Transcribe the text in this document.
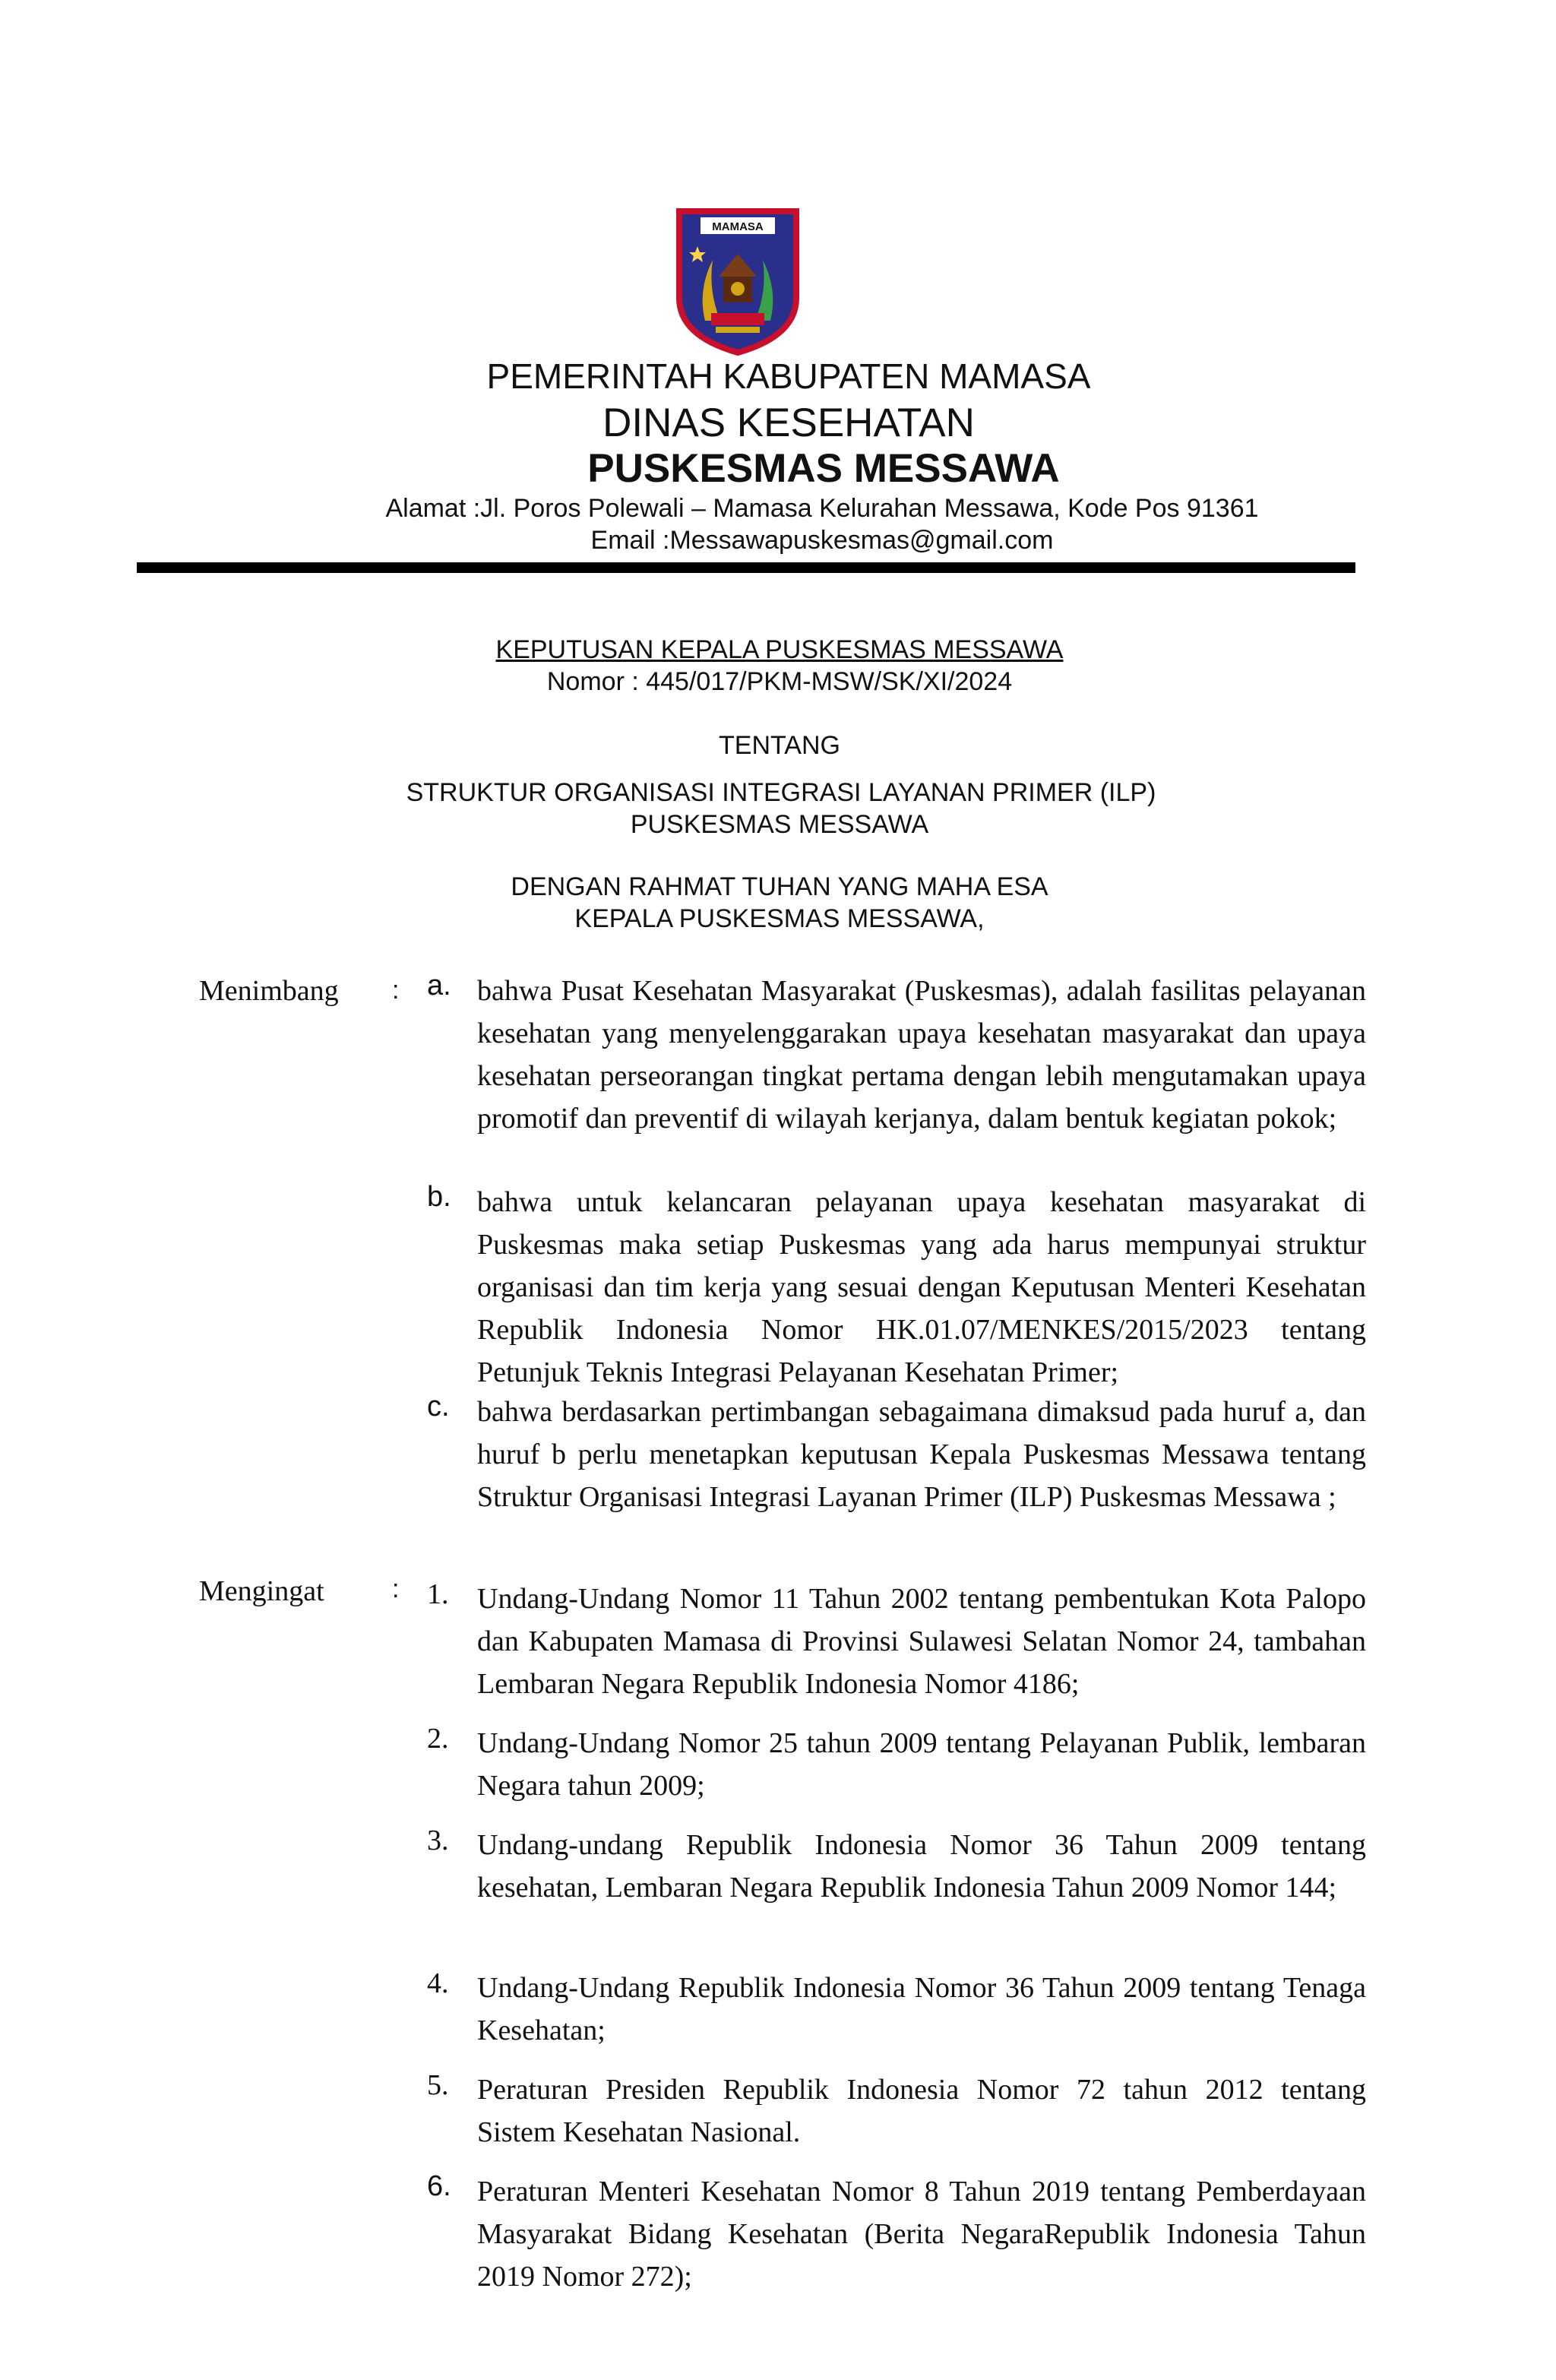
MAMASA
PEMERINTAH KABUPATEN MAMASA
DINAS KESEHATAN
PUSKESMAS MESSAWA
Alamat :Jl. Poros Polewali – Mamasa Kelurahan Messawa, Kode Pos 91361
Email :Messawapuskesmas@gmail.com
KEPUTUSAN KEPALA PUSKESMAS MESSAWA
Nomor : 445/017/PKM-MSW/SK/XI/2024
TENTANG
STRUKTUR ORGANISASI INTEGRASI LAYANAN PRIMER (ILP)
PUSKESMAS MESSAWA
DENGAN RAHMAT TUHAN YANG MAHA ESA
KEPALA PUSKESMAS MESSAWA,
Menimbang : a. bahwa Pusat Kesehatan Masyarakat (Puskesmas), adalah fasilitas pelayanan kesehatan yang menyelenggarakan upaya kesehatan masyarakat dan upaya kesehatan perseorangan tingkat pertama dengan lebih mengutamakan upaya promotif dan preventif di wilayah kerjanya, dalam bentuk kegiatan pokok;
b. bahwa untuk kelancaran pelayanan upaya kesehatan masyarakat di Puskesmas maka setiap Puskesmas yang ada harus mempunyai struktur organisasi dan tim kerja yang sesuai dengan Keputusan Menteri Kesehatan Republik Indonesia Nomor HK.01.07/MENKES/2015/2023 tentang Petunjuk Teknis Integrasi Pelayanan Kesehatan Primer;
c. bahwa berdasarkan pertimbangan sebagaimana dimaksud pada huruf a, dan huruf b perlu menetapkan keputusan Kepala Puskesmas Messawa tentang Struktur Organisasi Integrasi Layanan Primer (ILP) Puskesmas Messawa ;
Mengingat	: 1. Undang-Undang Nomor 11 Tahun 2002 tentang pembentukan Kota Palopo dan Kabupaten Mamasa di Provinsi Sulawesi Selatan Nomor 24, tambahan Lembaran Negara Republik Indonesia Nomor 4186;
2. Undang-Undang Nomor 25 tahun 2009 tentang Pelayanan Publik, lembaran Negara tahun 2009;
3. Undang-undang Republik Indonesia Nomor 36 Tahun 2009 tentang kesehatan, Lembaran Negara Republik Indonesia Tahun 2009 Nomor 144;
4. Undang-Undang Republik Indonesia Nomor 36 Tahun 2009 tentang Tenaga Kesehatan;
5. Peraturan Presiden Republik Indonesia Nomor 72 tahun 2012 tentang Sistem Kesehatan Nasional.
6. Peraturan Menteri Kesehatan Nomor 8 Tahun 2019 tentang Pemberdayaan Masyarakat Bidang Kesehatan (Berita NegaraRepublik Indonesia Tahun 2019 Nomor 272);
